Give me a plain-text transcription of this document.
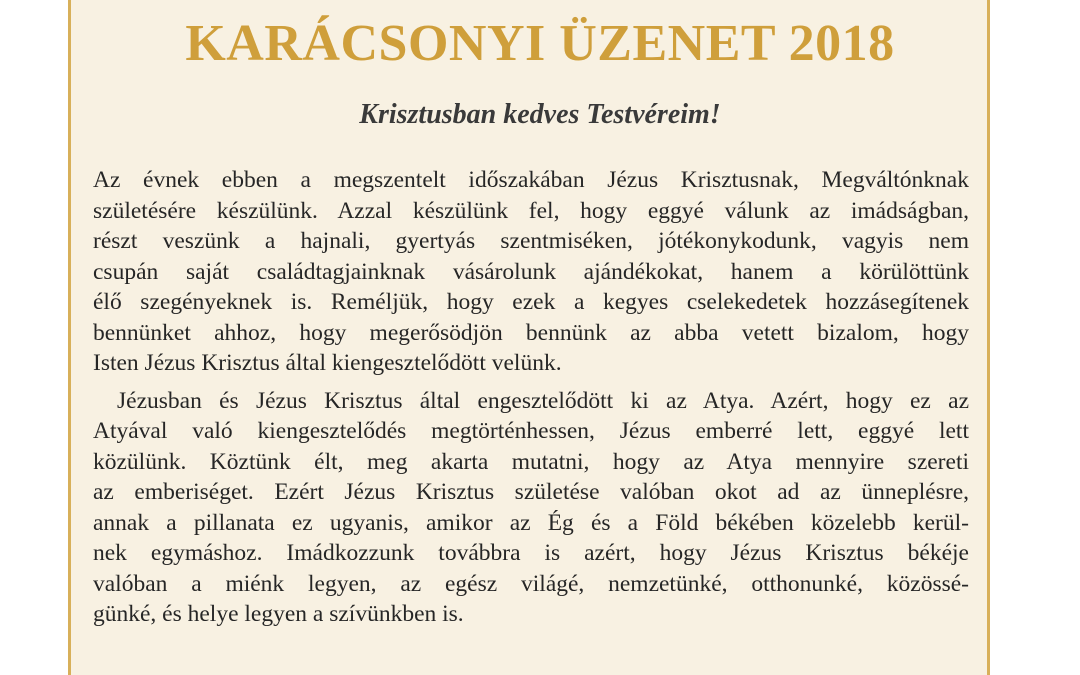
KARÁCSONYI ÜZENET 2018
Krisztusban kedves Testvéreim!

Az évnek ebben a megszentelt időszakában Jézus Krisztusnak, Megváltónknak
születésére készülünk. Azzal készülünk fel, hogy eggyé válunk az imádságban,
részt veszünk a hajnali, gyertyás szentmiséken, jótékonykodunk, vagyis nem
csupán saját családtagjainknak vásárolunk ajándékokat, hanem a körülöttünk
élő szegényeknek is. Reméljük, hogy ezek a kegyes cselekedetek hozzásegítenek
bennünket ahhoz, hogy megerősödjön bennünk az abba vetett bizalom, hogy
Isten Jézus Krisztus által kiengesztelődött velünk.

Jézusban és Jézus Krisztus által engesztelődött ki az Atya. Azért, hogy ez az
Atyával való kiengesztelődés megtörténhessen, Jézus emberré lett, eggyé lett
közülünk. Köztünk élt, meg akarta mutatni, hogy az Atya mennyire szereti
az emberiséget. Ezért Jézus Krisztus születése valóban okot ad az ünneplésre,
annak a pillanata ez ugyanis, amikor az Ég és a Föld békében közelebb kerül-
nek egymáshoz. Imádkozzunk továbbra is azért, hogy Jézus Krisztus békéje
valóban a miénk legyen, az egész világé, nemzetünké, otthonunké, közössé-
günké, és helye legyen a szívünkben is.
